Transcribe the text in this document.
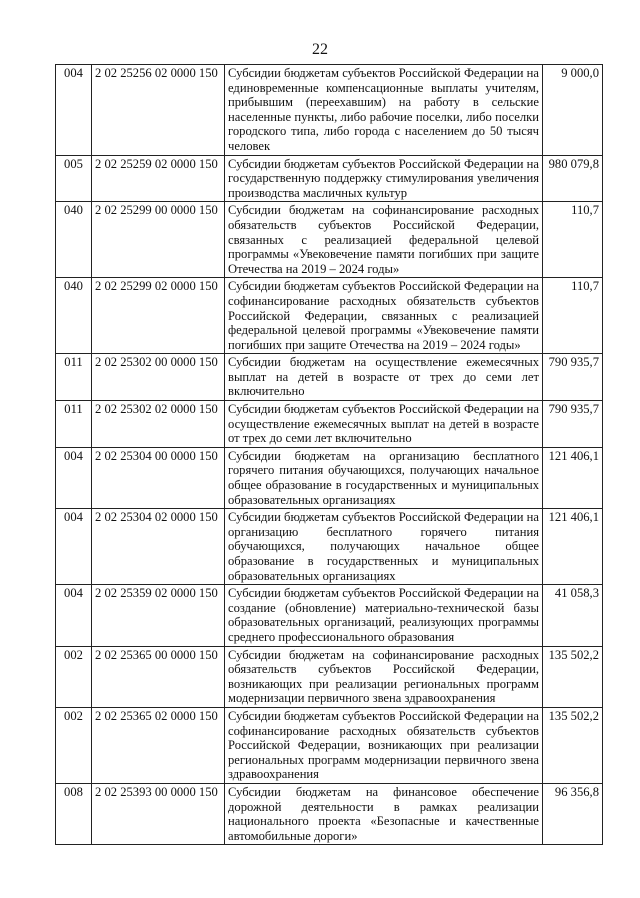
22
004	2 02 25256 02 0000 150	Субсидии бюджетам субъектов Российской Федерации на единовременные компенсационные выплаты учителям, прибывшим (переехавшим) на работу в сельские населенные пункты, либо рабочие поселки, либо поселки городского типа, либо города с населением до 50 тысяч человек	9 000,0
005	2 02 25259 02 0000 150	Субсидии бюджетам субъектов Российской Федерации на государственную поддержку стимулирования увеличения производства масличных культур	980 079,8
040	2 02 25299 00 0000 150	Субсидии бюджетам на софинансирование расходных обязательств субъектов Российской Федерации, связанных с реализацией федеральной целевой программы «Увековечение памяти погибших при защите Отечества на 2019 – 2024 годы»	110,7
040	2 02 25299 02 0000 150	Субсидии бюджетам субъектов Российской Федерации на софинансирование расходных обязательств субъектов Российской Федерации, связанных с реализацией федеральной целевой программы «Увековечение памяти погибших при защите Отечества на 2019 – 2024 годы»	110,7
011	2 02 25302 00 0000 150	Субсидии бюджетам на осуществление ежемесячных выплат на детей в возрасте от трех до семи лет включительно	790 935,7
011	2 02 25302 02 0000 150	Субсидии бюджетам субъектов Российской Федерации на осуществление ежемесячных выплат на детей в возрасте от трех до семи лет включительно	790 935,7
004	2 02 25304 00 0000 150	Субсидии бюджетам на организацию бесплатного горячего питания обучающихся, получающих начальное общее образование в государственных и муниципальных образовательных организациях	121 406,1
004	2 02 25304 02 0000 150	Субсидии бюджетам субъектов Российской Федерации на организацию бесплатного горячего питания обучающихся, получающих начальное общее образование в государственных и муниципальных образовательных организациях	121 406,1
004	2 02 25359 02 0000 150	Субсидии бюджетам субъектов Российской Федерации на создание (обновление) материально-технической базы образовательных организаций, реализующих программы среднего профессионального образования	41 058,3
002	2 02 25365 00 0000 150	Субсидии бюджетам на софинансирование расходных обязательств субъектов Российской Федерации, возникающих при реализации региональных программ модернизации первичного звена здравоохранения	135 502,2
002	2 02 25365 02 0000 150	Субсидии бюджетам субъектов Российской Федерации на софинансирование расходных обязательств субъектов Российской Федерации, возникающих при реализации региональных программ модернизации первичного звена здравоохранения	135 502,2
008	2 02 25393 00 0000 150	Субсидии бюджетам на финансовое обеспечение дорожной деятельности в рамках реализации национального проекта «Безопасные и качественные автомобильные дороги»	96 356,8
